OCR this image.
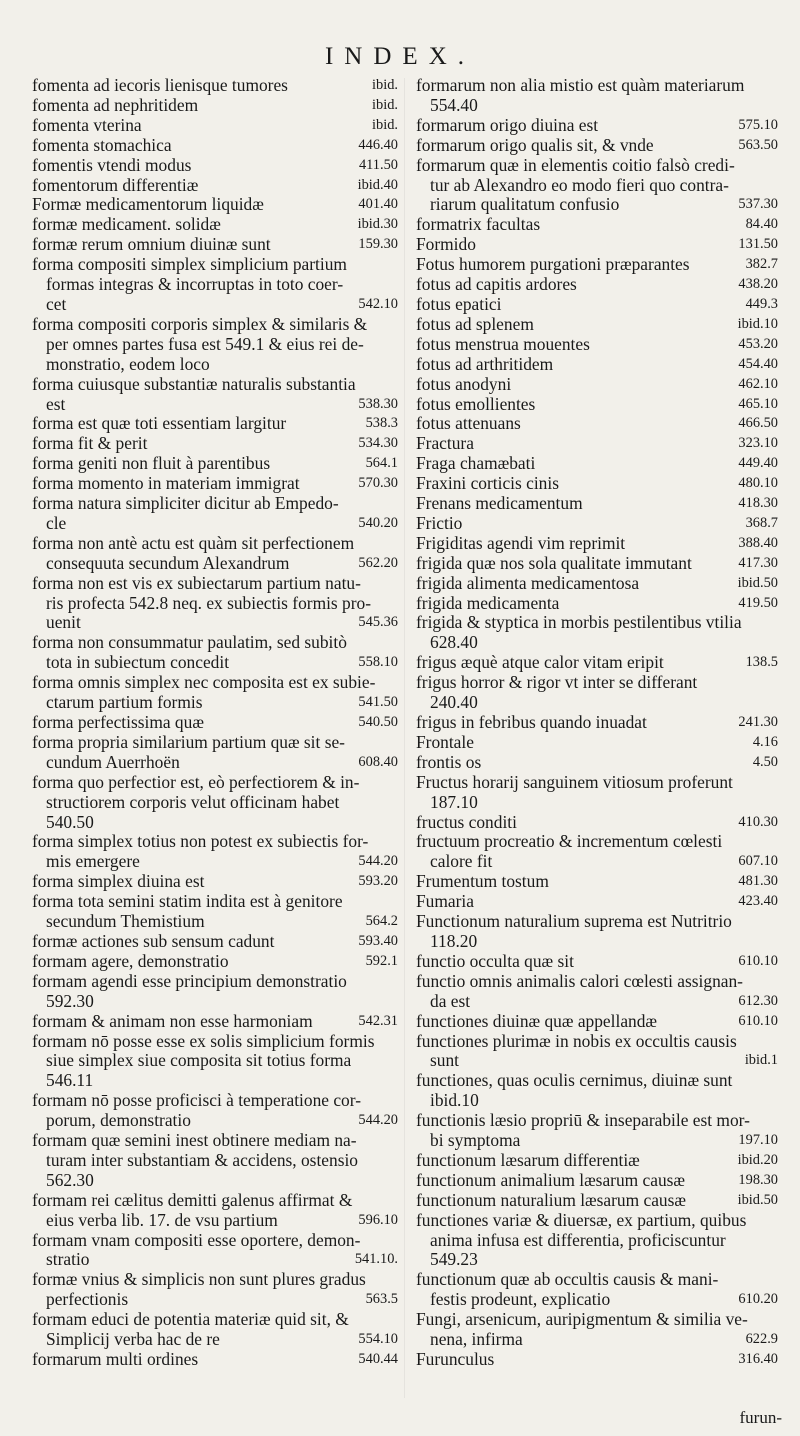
INDEX.
fomenta ad iecoris lienisque tumores	ibid.
fomenta ad nephritidem	ibid.
fomenta vterina	ibid.
fomenta stomachica	446.40
fomentis vtendi modus	411.50
fomentorum differentiæ	ibid.40
Formæ medicamentorum liquidæ	401.40
formæ medicament. solidæ	ibid.30
formæ rerum omnium diuinæ sunt	159.30
forma compositi simplex simplicium partium
formas integras & incorruptas in toto coer-
cet	542.10
forma compositi corporis simplex & similaris &
per omnes partes fusa est 549.1 & eius rei de-
monstratio, eodem loco
forma cuiusque substantiæ naturalis substantia
est	538.30
forma est quæ toti essentiam largitur	538.3
forma fit & perit	534.30
forma geniti non fluit à parentibus	564.1
forma momento in materiam immigrat	570.30
forma natura simpliciter dicitur ab Empedo-
cle	540.20
forma non antè actu est quàm sit perfectionem
consequuta secundum Alexandrum	562.20
forma non est vis ex subiectarum partium natu-
ris profecta 542.8 neq. ex subiectis formis pro-
uenit	545.36
forma non consummatur paulatim, sed subitò
tota in subiectum concedit	558.10
forma omnis simplex nec composita est ex subie-
ctarum partium formis	541.50
forma perfectissima quæ	540.50
forma propria similarium partium quæ sit se-
cundum Auerrhoën	608.40
forma quo perfectior est, eò perfectiorem & in-
structiorem corporis velut officinam habet
540.50
forma simplex totius non potest ex subiectis for-
mis emergere	544.20
forma simplex diuina est	593.20
forma tota semini statim indita est à genitore
secundum Themistium	564.2
formæ actiones sub sensum cadunt	593.40
formam agere, demonstratio	592.1
formam agendi esse principium demonstratio
592.30
formam & animam non esse harmoniam	542.31
formam nō posse esse ex solis simplicium formis
siue simplex siue composita sit totius forma
546.11
formam nō posse proficisci à temperatione cor-
porum, demonstratio	544.20
formam quæ semini inest obtinere mediam na-
turam inter substantiam & accidens, ostensio
562.30
formam rei cælitus demitti galenus affirmat &
eius verba lib. 17. de vsu partium	596.10
formam vnam compositi esse oportere, demon-
stratio	541.10.
formæ vnius & simplicis non sunt plures gradus
perfectionis	563.5
formam educi de potentia materiæ quid sit, &
Simplicij verba hac de re	554.10
formarum multi ordines	540.44
formarum non alia mistio est quàm materiarum
554.40
formarum origo diuina est	575.10
formarum origo qualis sit, & vnde	563.50
formarum quæ in elementis coitio falsò credi-
tur ab Alexandro eo modo fieri quo contra-
riarum qualitatum confusio	537.30
formatrix facultas	84.40
Formido	131.50
Fotus humorem purgationi præparantes	382.7
fotus ad capitis ardores	438.20
fotus epatici	449.3
fotus ad splenem	ibid.10
fotus menstrua mouentes	453.20
fotus ad arthritidem	454.40
fotus anodyni	462.10
fotus emollientes	465.10
fotus attenuans	466.50
Fractura	323.10
Fraga chamæbati	449.40
Fraxini corticis cinis	480.10
Frenans medicamentum	418.30
Frictio	368.7
Frigiditas agendi vim reprimit	388.40
frigida quæ nos sola qualitate immutant	417.30
frigida alimenta medicamentosa	ibid.50
frigida medicamenta	419.50
frigida & styptica in morbis pestilentibus vtilia
628.40
frigus æquè atque calor vitam eripit	138.5
frigus horror & rigor vt inter se differant
240.40
frigus in febribus quando inuadat	241.30
Frontale	4.16
frontis os	4.50
Fructus horarij sanguinem vitiosum proferunt
187.10
fructus conditi	410.30
fructuum procreatio & incrementum cœlesti
calore fit	607.10
Frumentum tostum	481.30
Fumaria	423.40
Functionum naturalium suprema est Nutritrio
118.20
functio occulta quæ sit	610.10
functio omnis animalis calori cœlesti assignan-
da est	612.30
functiones diuinæ quæ appellandæ	610.10
functiones plurimæ in nobis ex occultis causis
sunt	ibid.1
functiones, quas oculis cernimus, diuinæ sunt
ibid.10
functionis læsio propriū & inseparabile est mor-
bi symptoma	197.10
functionum læsarum differentiæ	ibid.20
functionum animalium læsarum causæ	198.30
functionum naturalium læsarum causæ	ibid.50
functiones variæ & diuersæ, ex partium, quibus
anima infusa est differentia, proficiscuntur
549.23
functionum quæ ab occultis causis & mani-
festis prodeunt, explicatio	610.20
Fungi, arsenicum, auripigmentum & similia ve-
nena, infirma	622.9
Furunculus	316.40
furun-
